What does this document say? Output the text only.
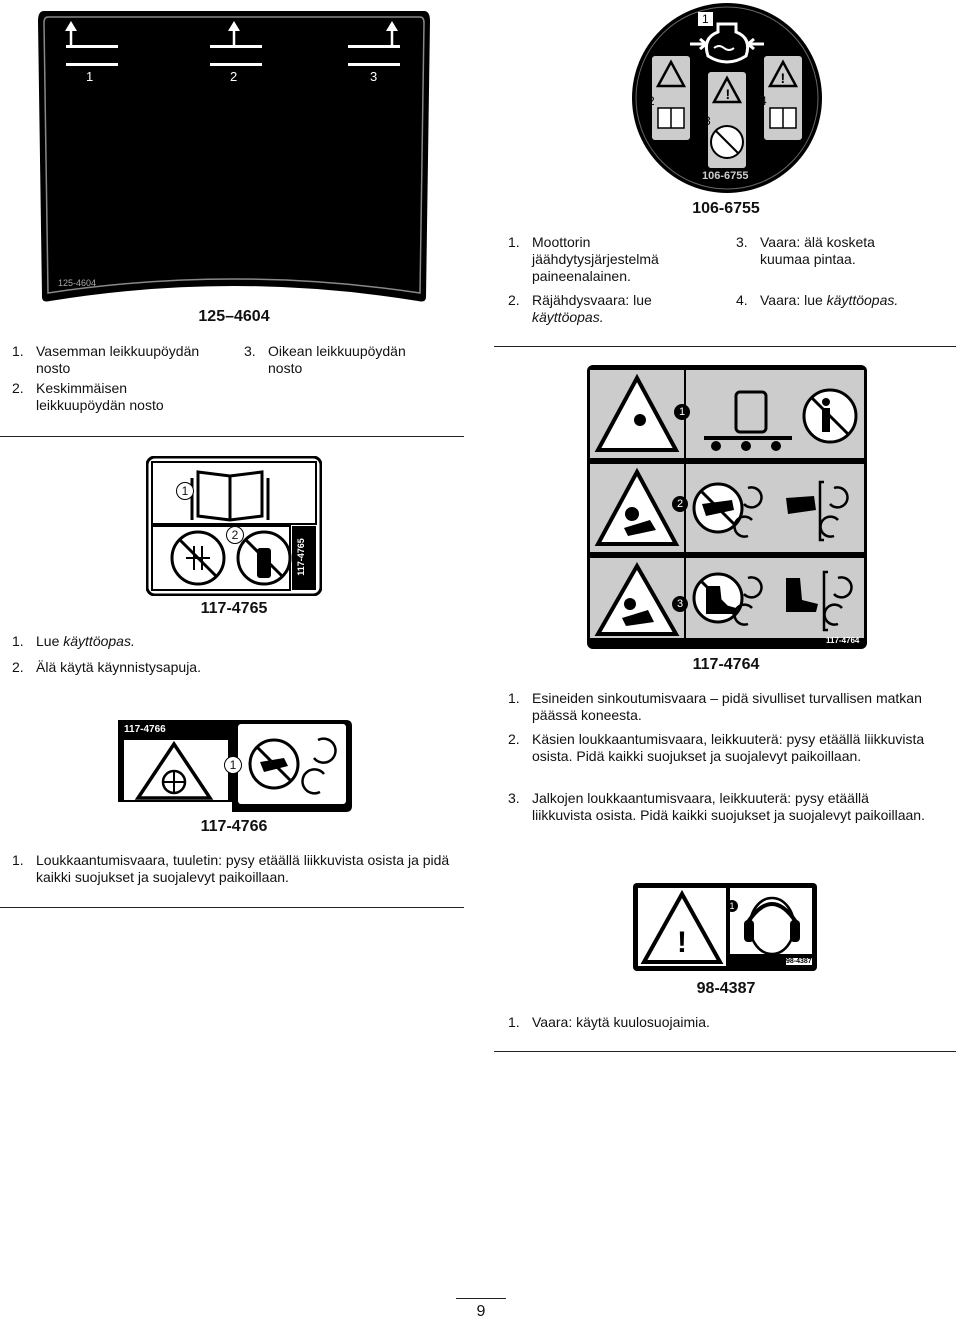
1	2	3
125-4604
125–4604
1. Vasemman leikkuupöydän nosto
2. Keskimmäisen leikkuupöydän nosto
3. Oikean leikkuupöydän nosto
!
!
1
2
3
4
106-6755
106-6755
1. Moottorin jäähdytysjärjestelmä paineenalainen.
2. Räjähdysvaara: lue käyttöopas.
3. Vaara: älä kosketa kuumaa pintaa.
4. Vaara: lue käyttöopas.
1
2
117-4765
117-4765
1. Lue käyttöopas.
2. Älä käytä käynnistysapuja.
117-4766
1
117-4766
1. Loukkaantumisvaara, tuuletin: pysy etäällä liikkuvista osista ja pidä kaikki suojukset ja suojalevyt paikoillaan.
1
2
3
117-4764
117-4764
1. Esineiden sinkoutumisvaara – pidä sivulliset turvallisen matkan päässä koneesta.
2. Käsien loukkaantumisvaara, leikkuuterä: pysy etäällä liikkuvista osista. Pidä kaikki suojukset ja suojalevyt paikoillaan.
3. Jalkojen loukkaantumisvaara, leikkuuterä: pysy etäällä liikkuvista osista. Pidä kaikki suojukset ja suojalevyt paikoillaan.
!
1
98-4387
98-4387
1. Vaara: käytä kuulosuojaimia.
9
